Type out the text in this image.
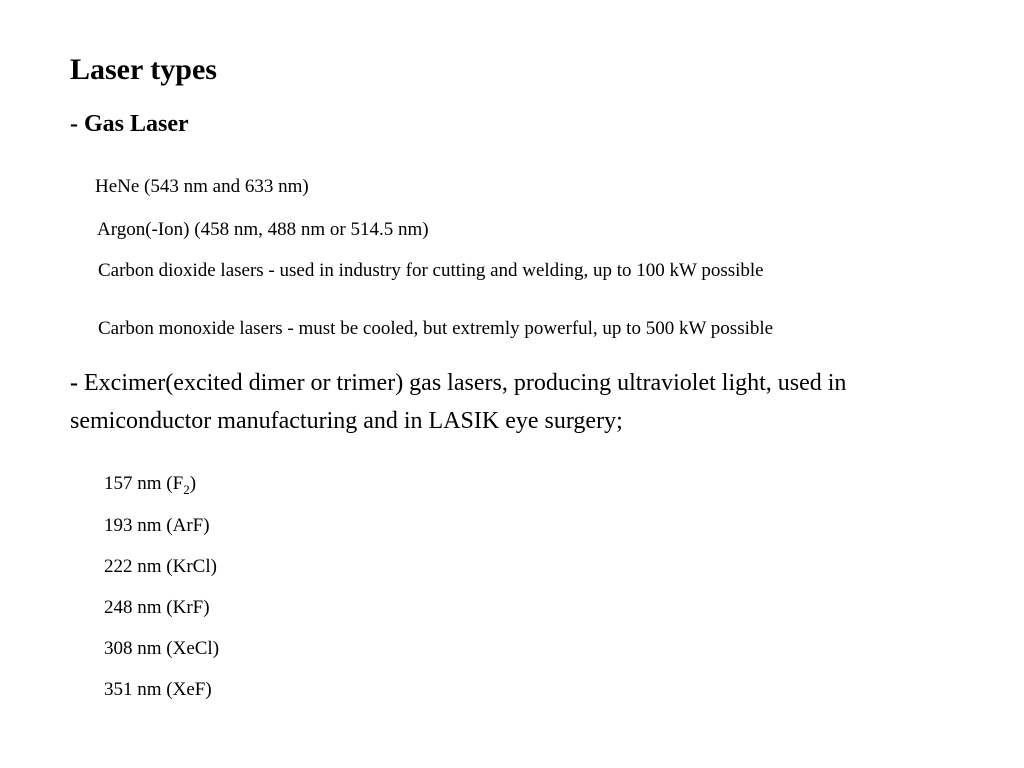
Laser types
- Gas Laser
HeNe (543 nm and 633 nm)
Argon(-Ion) (458 nm, 488 nm or 514.5 nm)
Carbon dioxide lasers - used in industry for cutting and welding, up to 100 kW possible
Carbon monoxide lasers - must be cooled, but extremly powerful, up to 500 kW possible
- Excimer(excited dimer or trimer) gas lasers, producing ultraviolet light, used in semiconductor manufacturing and in LASIK eye surgery;
157 nm $(F_2)$
193 nm (ArF)
222 nm (KrCl)
248 nm (KrF)
308 nm (XeCl)
351 nm (XeF)
